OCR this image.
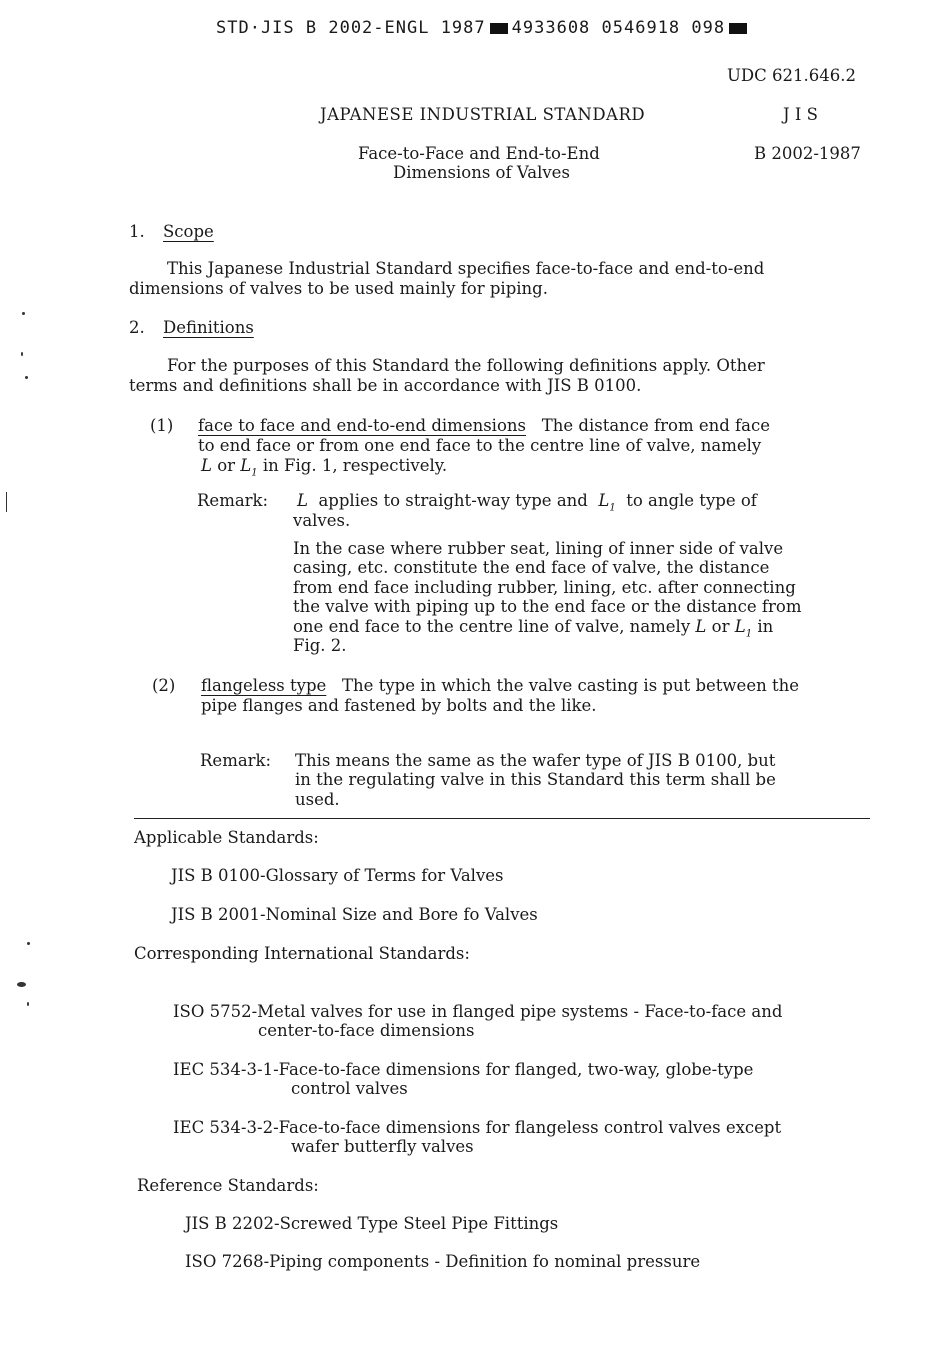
STD·JIS B 2002-ENGL 1987 4933608 0546918 098
UDC 621.646.2
JAPANESE INDUSTRIAL STANDARD	J I S
Face-to-Face and End-to-End
Dimensions of Valves
B 2002-1987
1. Scope
This Japanese Industrial Standard specifies face-to-face and end-to-end
dimensions of valves to be used mainly for piping.
2. Definitions
For the purposes of this Standard the following definitions apply. Other
terms and definitions shall be in accordance with JIS B 0100.
(1) face to face and end-to-end dimensions The distance from end face
to end face or from one end face to the centre line of valve, namely
L or $L_1$ in Fig. 1, respectively.
Remark: L applies to straight-way type and $L_1$ to angle type of
valves.
In the case where rubber seat, lining of inner side of valve
casing, etc. constitute the end face of valve, the distance
from end face including rubber, lining, etc. after connecting
the valve with piping up to the end face or the distance from
one end face to the centre line of valve, namely L or $L_1$ in
Fig. 2.
(2) flangeless type The type in which the valve casting is put between the
pipe flanges and fastened by bolts and the like.
Remark: This means the same as the wafer type of JIS B 0100, but
in the regulating valve in this Standard this term shall be
used.
Applicable Standards:
JIS B 0100-Glossary of Terms for Valves
JIS B 2001-Nominal Size and Bore fo Valves
Corresponding International Standards:
ISO 5752-Metal valves for use in flanged pipe systems - Face-to-face and
center-to-face dimensions
IEC 534-3-1-Face-to-face dimensions for flanged, two-way, globe-type
control valves
IEC 534-3-2-Face-to-face dimensions for flangeless control valves except
wafer butterfly valves
Reference Standards:
JIS B 2202-Screwed Type Steel Pipe Fittings
ISO 7268-Piping components - Definition fo nominal pressure
